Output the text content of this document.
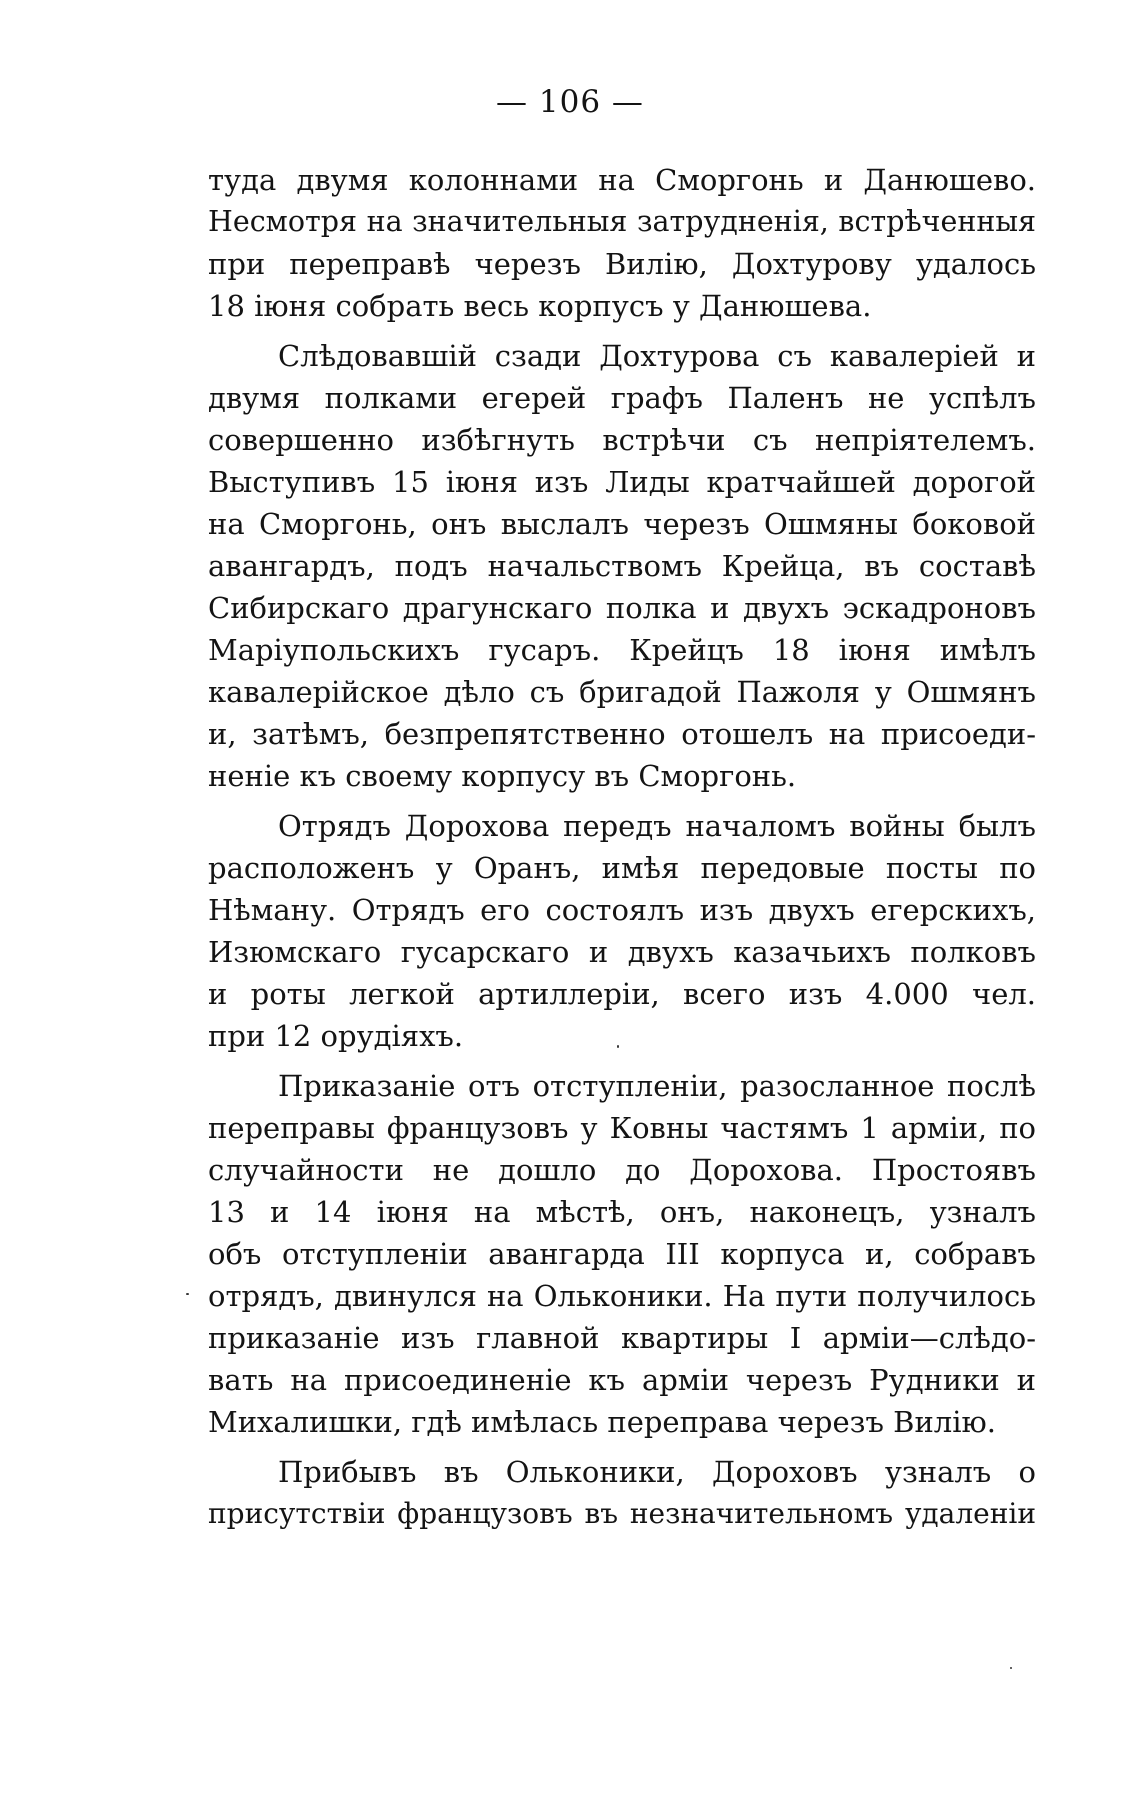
— 106 —
туда двумя колоннами на Сморгонь и Данюшево.
Несмотря на значительныя затрудненія, встрѣченныя
при переправѣ черезъ Вилію, Дохтурову удалось
18 іюня собрать весь корпусъ у Данюшева.
Слѣдовавшій сзади Дохтурова съ кавалеріей и
двумя полками егерей графъ Паленъ не успѣлъ
совершенно избѣгнуть встрѣчи съ непріятелемъ.
Выступивъ 15 іюня изъ Лиды кратчайшей дорогой
на Сморгонь, онъ выслалъ черезъ Ошмяны боковой
авангардъ, подъ начальствомъ Крейца, въ составѣ
Сибирскаго драгунскаго полка и двухъ эскадроновъ
Маріупольскихъ гусаръ. Крейцъ 18 іюня имѣлъ
кавалерійское дѣло съ бригадой Пажоля у Ошмянъ
и, затѣмъ, безпрепятственно отошелъ на присоеди-
неніе къ своему корпусу въ Сморгонь.
Отрядъ Дорохова передъ началомъ войны былъ
расположенъ у Оранъ, имѣя передовые посты по
Нѣману. Отрядъ его состоялъ изъ двухъ егерскихъ,
Изюмскаго гусарскаго и двухъ казачьихъ полковъ
и роты легкой артиллеріи, всего изъ 4.000 чел.
при 12 орудіяхъ.
Приказаніе отъ отступленіи, разосланное послѣ
переправы французовъ у Ковны частямъ 1 арміи, по
случайности не дошло до Дорохова. Простоявъ
13 и 14 іюня на мѣстѣ, онъ, наконецъ, узналъ
объ отступленіи авангарда III корпуса и, собравъ
отрядъ, двинулся на Ольконики. На пути получилось
приказаніе изъ главной квартиры I арміи—слѣдо-
вать на присоединеніе къ арміи черезъ Рудники и
Михалишки, гдѣ имѣлась переправа черезъ Вилію.
Прибывъ въ Ольконики, Дороховъ узналъ о
присутствіи французовъ въ незначительномъ удаленіи
